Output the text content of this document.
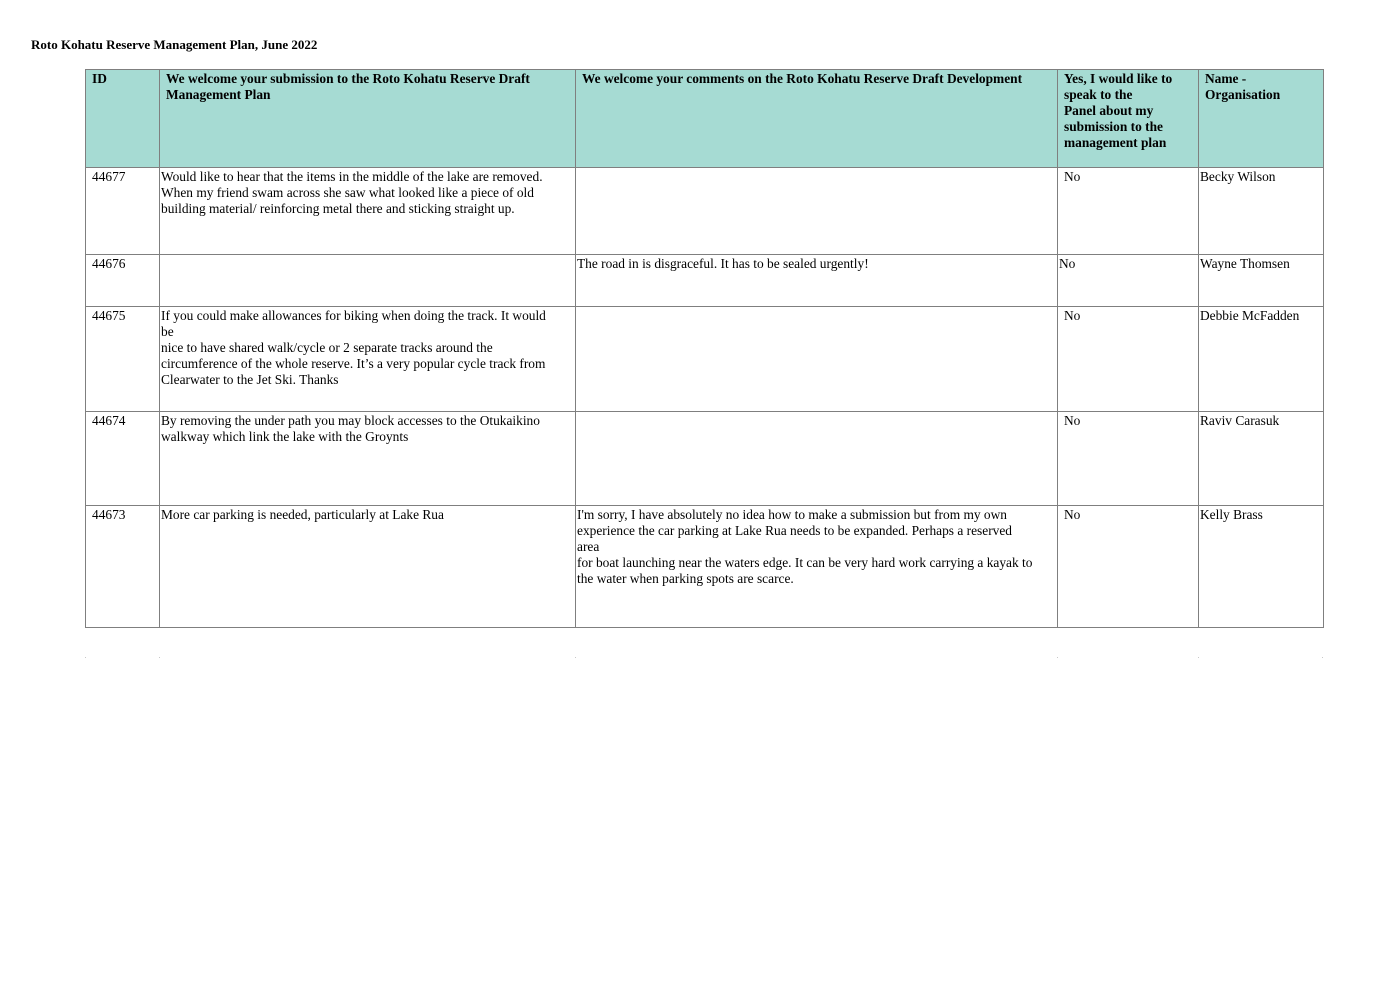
Roto Kohatu Reserve Management Plan, June 2022
ID	We welcome your submission to the Roto Kohatu Reserve Draft
Management Plan	We welcome your comments on the Roto Kohatu Reserve Draft Development	Yes, I would like to
speak to the
Panel about my
submission to the
management plan	Name -
Organisation
44677	Would like to hear that the items in the middle of the lake are removed.
When my friend swam across she saw what looked like a piece of old
building material/ reinforcing metal there and sticking straight up.		No	Becky Wilson
44676		The road in is disgraceful. It has to be sealed urgently!	No	Wayne Thomsen
44675	If you could make allowances for biking when doing the track. It would
be
nice to have shared walk/cycle or 2 separate tracks around the
circumference of the whole reserve. It’s a very popular cycle track from
Clearwater to the Jet Ski. Thanks		No	Debbie McFadden
44674	By removing the under path you may block accesses to the Otukaikino
walkway which link the lake with the Groynts		No	Raviv Carasuk
44673	More car parking is needed, particularly at Lake Rua	I'm sorry, I have absolutely no idea how to make a submission but from my own
experience the car parking at Lake Rua needs to be expanded. Perhaps a reserved
area
for boat launching near the waters edge. It can be very hard work carrying a kayak to
the water when parking spots are scarce.	No	Kelly Brass
